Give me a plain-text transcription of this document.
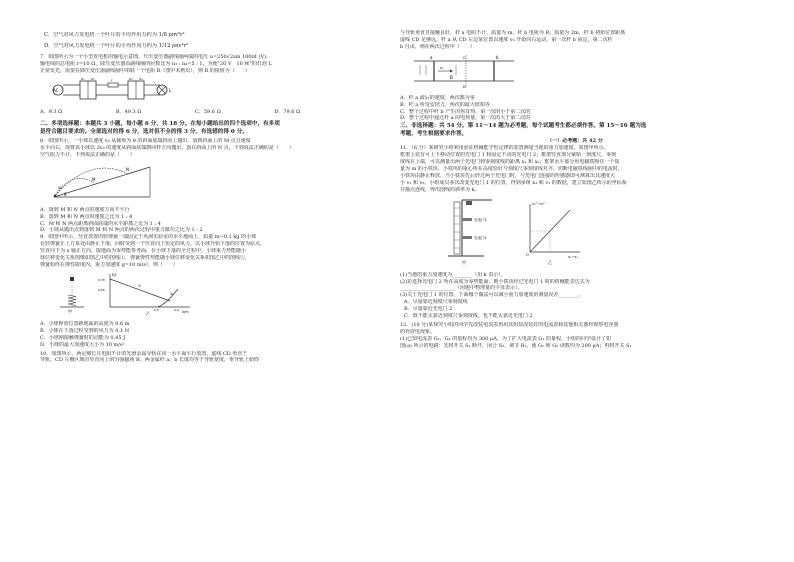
C．空气对风力发电机一个叶片的平均作用力约为 1/8 ρπv²r²
D．空气对风力发电机一个叶片的平均作用力约为 1/12 ρπv²r²
7．如图所示为一个小型发电机的输电示意图，升压变压器副线圈两端的电压 u=250√2sin 100πt (V)，
输电线的总电阻 r=10 Ω，降压变压器原副线圈的匝数比为 n₃ : n₄=5 : 1，为使"20 V　10 W"的灯泡 L
正常发光，需要在降压变压器副线圈中串联一个电阻 R（图中未画出），则 R 的阻值为（　　）
AC
n₁ n₂	r	n₃ n₄
L
A．9.3 Ω	B．49.3 Ω	C．59.6 Ω	D．79.6 Ω
二、多项选择题：本题共 3 小题，每小题 6 分，共 18 分。在每小题给出的四个选项中，有多项
是符合题目要求的。全部选对的得 6 分，选对但不全的得 3 分，有选错的得 0 分。
8．如图所示，一小球以速度 v₀ 从倾角为 θ 的斜面底端斜向上抛出，落到斜面上的 M 点且速度
水平向右，现将该小球以 2v₀ 的速度从斜面底端朝同样方向抛出，落在斜面上的 N 点，下列说法正确的是（　　）
空气阻力不计，下列说法正确的是（　　）
N
M
v₀
θ
A．落到 M 和 N 两点时速度方向不平行
B．落到 M 和 N 两点时速度之比为 1 : 4
C．M 和 N 两点距离斜面底端的水平距离之比为 1 : 4
D．小球从抛出点到落到 M 和 N 两点的两次过程中重力做功之比为 1 : 2
9．如图甲所示，竖直放置的轻弹簧一端固定于风洞实验室的水平地面上，质量 m=0.1 kg 的小球
在轻弹簧正上方某处由静止下落，同时受到一个竖直向上恒定的风力。以小球开始下落的位置为原点，
竖直向下为 x 轴正方向，取地面为零势能参考面，在小球下落的全过程中，小球重力势能随小
球位移变化关系图像如图乙中的图线①，弹簧弹性势能随小球位移变化关系如图乙中的图线②，
弹簧始终在弹性限度内，重力加速度 g=10 m/s²，则（　　）
甲
E/J
x/m
①
②
0.70
0.54
0.5	0.6
乙
A．小球释放位置距地面的高度为 0.6 m
B．小球在下落过程受到的风力为 0.1 N
C．小球刚接触弹簧时的动能为 0.45 J
D．小球的最大加速度大小为 10 m/s²
10．如图所示，两足够长且电阻不计的光滑金属导轨在同一水平面平行放置，虚线 CD 垂直于
导轨，CD 左侧区域有竖直向上的匀强磁场 B。两金属杆 a、b 长度均等于导轨宽度，垂导轨上始终
与导轨垂直且接触良好，杆 a 电阻不计，质量为 m，杆 b 电阻为 R，质量为 2m，杆 b 初始位置距离
虚线 CD 足够远，杆 a 从 CD 左边某位置以速度 v₀ 开始向右运动，第一次杆 b 固定，第二次杆
b 自由，则在两次过程中（　　）
a	b
v₀
B
C
D
A．杆 a 最后的速度，两次都为零
B．杆 a 所受安培力，两次的最大值相等
C．整个过程中杆 b 产生的焦耳热，第一次的小于第二次的
D．整个过程中通过杆 a 的电荷量，第一次的大于第二次的
三、非选择题：共 54 分。第 11～14 题为必考题，每个试题考生都必须作答。第 15～16 题为选
考题，考生根据要求作答。
（一）必考题：共 42 分
11．（6 分）某研究小组利用验证机械能守恒定律的装置测量当地的重力加速度，如图甲所示。
框架上装有可上下移动位置的光电门 1 和固定不动的光电门 2；框架竖直部分紧贴一刻度尺，零刻
度线在上端，可以测量出两个光电门到零刻度线的距离 x₁ 和 x₂；框架水平部分用电磁铁吸住一个质
量为 m 的小铁块，小铁块的重心所在高度恰好与刻度尺零刻度线对齐。切断电磁铁线圈中的电流时，
小铁块由静止释放，当小铁块先后经过两个光电门时，与光电门连接的传感器即可测算出其速度大
小 v₁ 和 v₂。小组成员多次改变光电门 1 的位置，得到多组 x₁ 和 v₁ 的数据，建立如图乙所示的坐标系
并描点连线，得出图线的斜率为 k。
光电门1
光电门2
甲
v₂²−v₁²
x₂−x₁
O
乙
(1)当地的重力加速度为________（用 k 表示）。
(2)若选择光电门 2 所在高度为零势能面，则小铁块经过光电门 1 时的机械能表达式为
______________________（用题中物理量的字母表示）。
(3)关于光电门 1 的位置，下面哪个做法可以减小重力加速度的测量误差________。
A．尽量靠近刻度尺零刻度线
B．尽量靠近光电门 2
C．既不能太靠近刻度尺零刻度线，也不能太靠近光电门 2
12．(10 分)某探究小组的同学先改装电流表再用其组装改装好的电流表和其他相关器材观察电容器
的充放电现象。
(1)已知电流表 G₁、G₂ 的量程均为 300 μA，为了扩大电流表 G₁ 的量程，小组的同学设计了如
图(a) 所示的电路：先将开关 S₁ 断开，闭合 S₂，调节 R₁，使 G₁ 和 G₂ 读数均为 200 μA；再将开关 S₁
